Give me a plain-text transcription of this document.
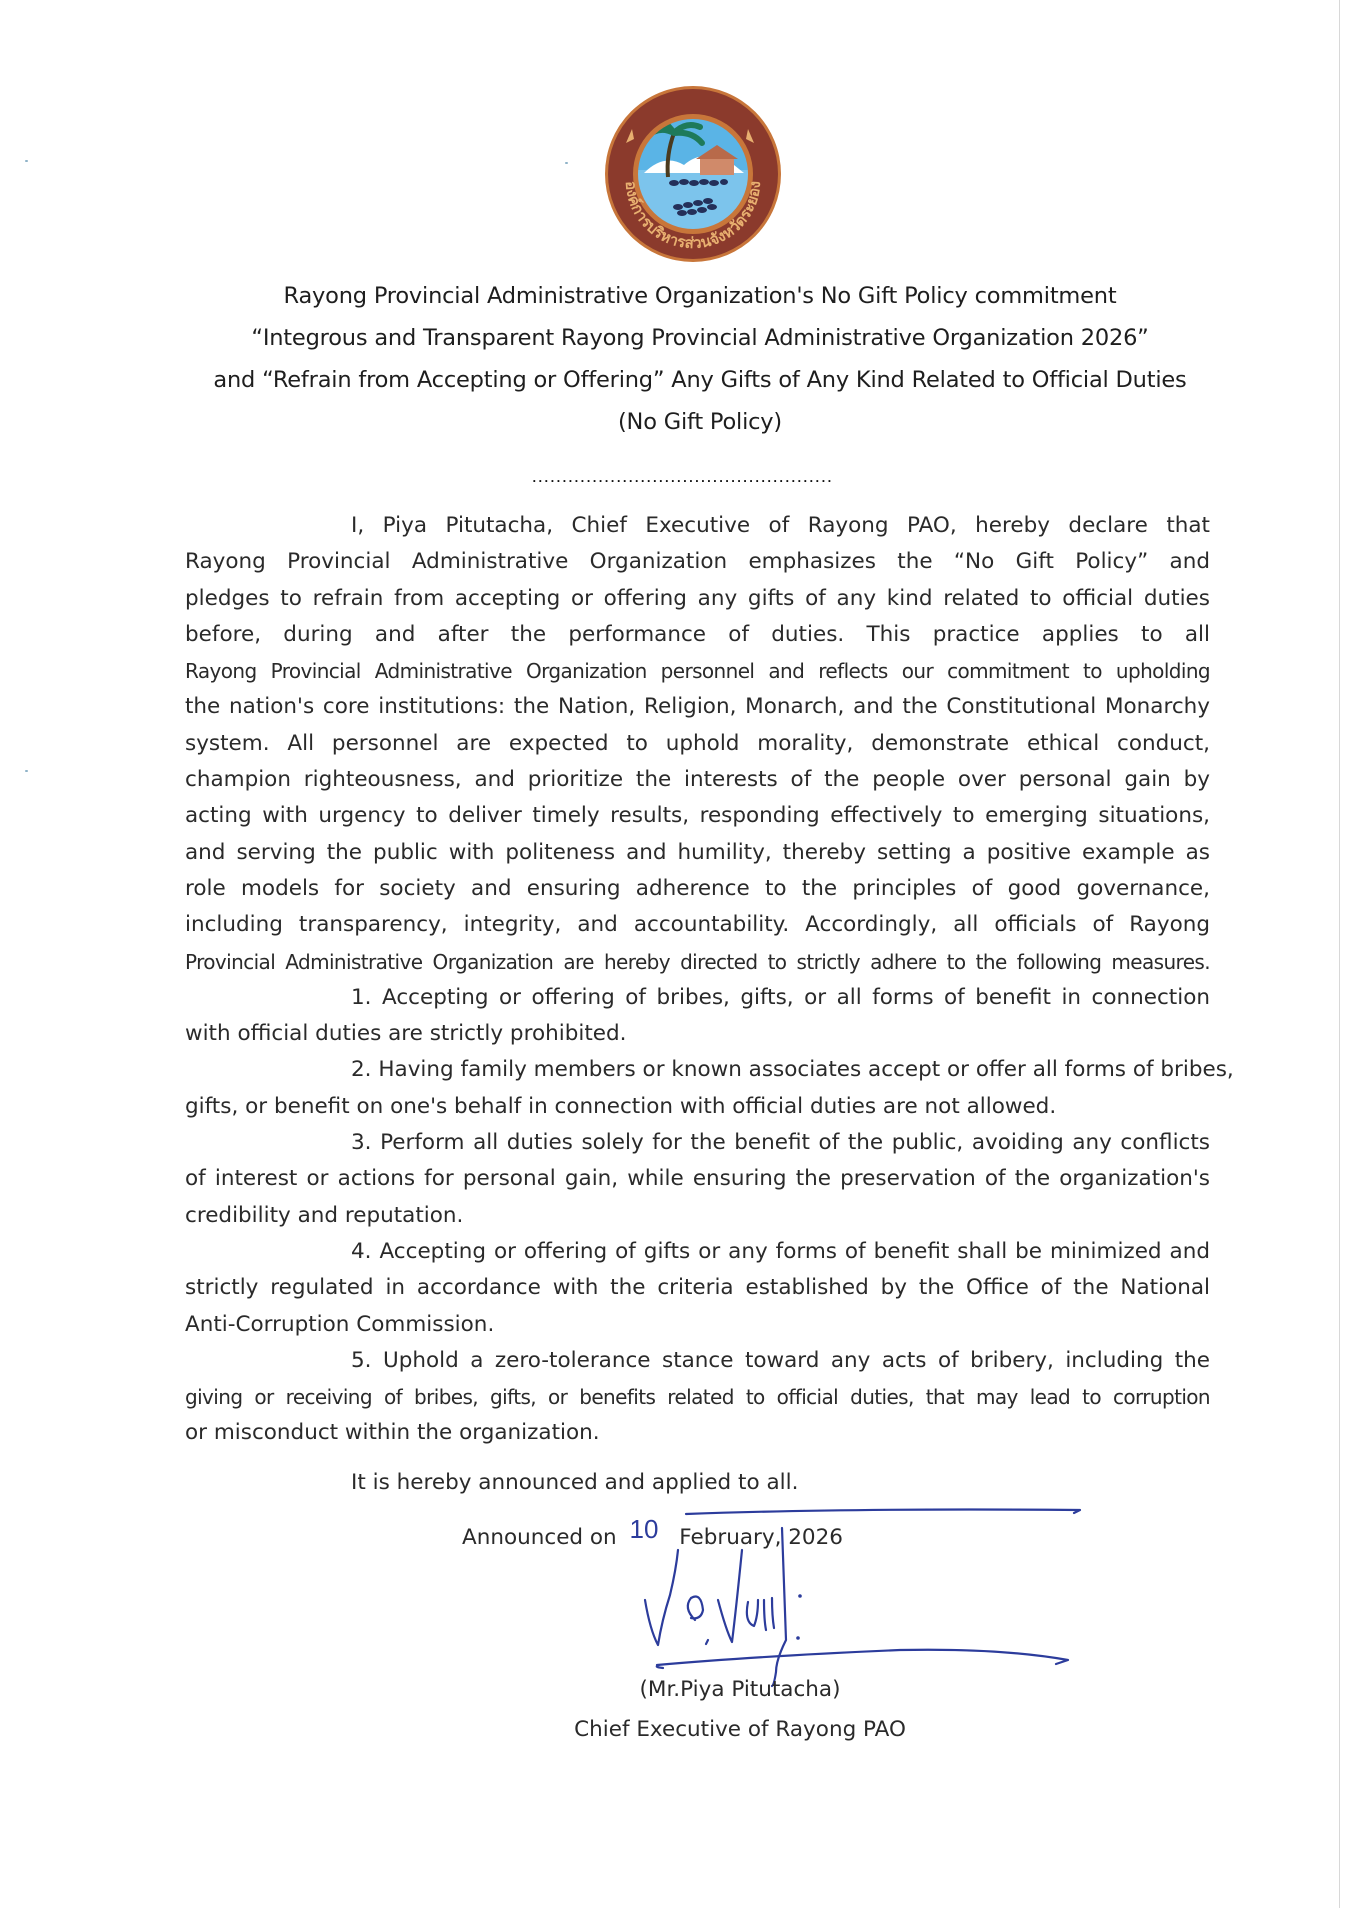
องค์การบริหารส่วนจังหวัดระยอง
Rayong Provincial Administrative Organization's No Gift Policy commitment
“Integrous and Transparent Rayong Provincial Administrative Organization 2026”
and “Refrain from Accepting or Offering” Any Gifts of Any Kind Related to Official Duties
(No Gift Policy)
..................................................
I, Piya Pitutacha, Chief Executive of Rayong PAO, hereby declare that
Rayong Provincial Administrative Organization emphasizes the “No Gift Policy” and
pledges to refrain from accepting or offering any gifts of any kind related to official duties
before, during and after the performance of duties. This practice applies to all
Rayong Provincial Administrative Organization personnel and reflects our commitment to upholding
the nation's core institutions: the Nation, Religion, Monarch, and the Constitutional Monarchy
system. All personnel are expected to uphold morality, demonstrate ethical conduct,
champion righteousness, and prioritize the interests of the people over personal gain by
acting with urgency to deliver timely results, responding effectively to emerging situations,
and serving the public with politeness and humility, thereby setting a positive example as
role models for society and ensuring adherence to the principles of good governance,
including transparency, integrity, and accountability. Accordingly, all officials of Rayong
Provincial Administrative Organization are hereby directed to strictly adhere to the following measures.
1. Accepting or offering of bribes, gifts, or all forms of benefit in connection
with official duties are strictly prohibited.
2. Having family members or known associates accept or offer all forms of bribes,
gifts, or benefit on one's behalf in connection with official duties are not allowed.
3. Perform all duties solely for the benefit of the public, avoiding any conflicts
of interest or actions for personal gain, while ensuring the preservation of the organization's
credibility and reputation.
4. Accepting or offering of gifts or any forms of benefit shall be minimized and
strictly regulated in accordance with the criteria established by the Office of the National
Anti-Corruption Commission.
5. Uphold a zero-tolerance stance toward any acts of bribery, including the
giving or receiving of bribes, gifts, or benefits related to official duties, that may lead to corruption
or misconduct within the organization.
It is hereby announced and applied to all.
Announced on 10 February, 2026
(Mr.Piya Pitutacha)
Chief Executive of Rayong PAO
